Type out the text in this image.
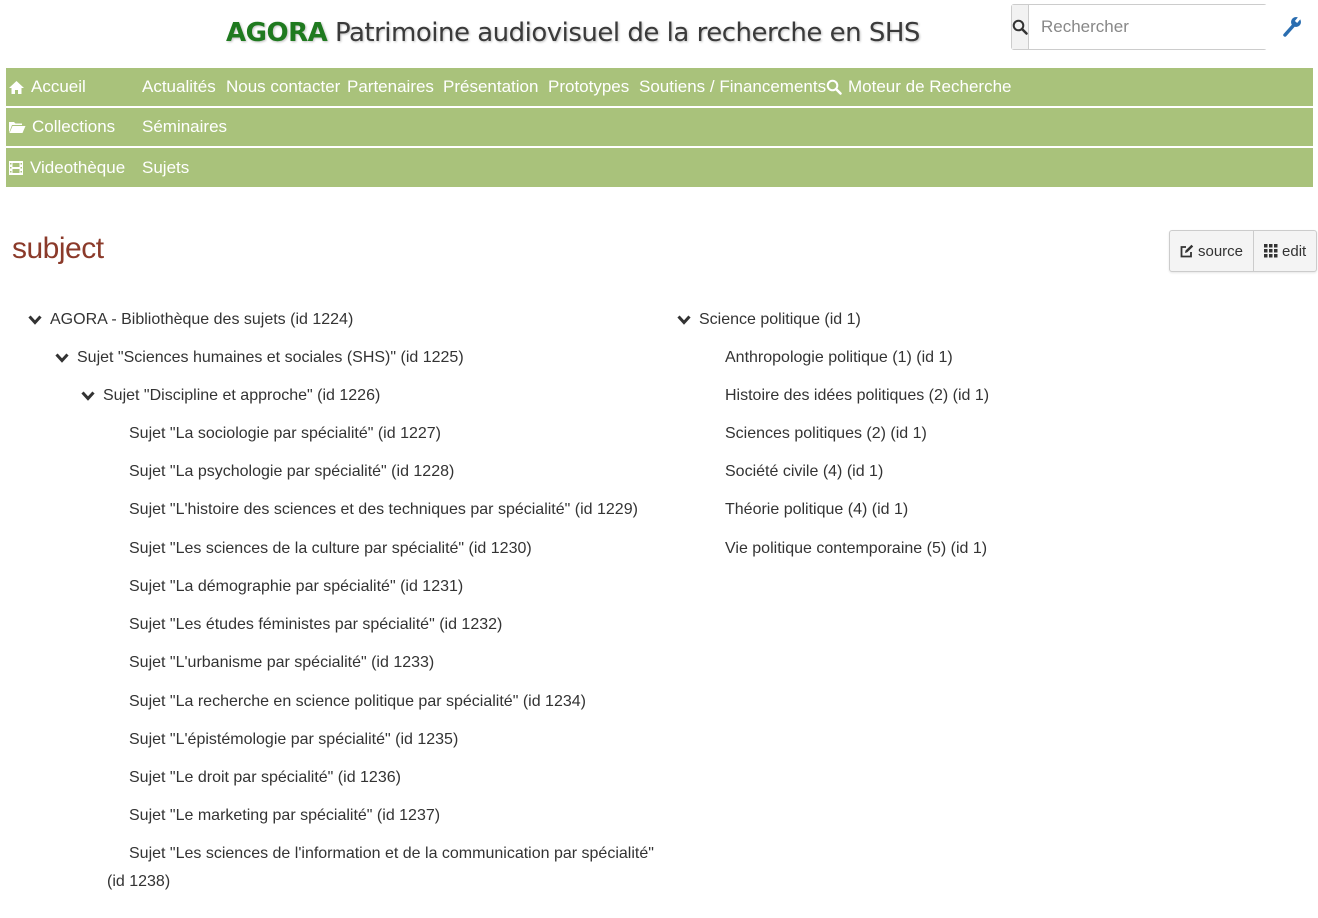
AGORA Patrimoine audiovisuel de la recherche en SHS
Rechercher
Accueil	Actualités Nous contacter Partenaires Présentation Prototypes Soutiens / Financements Moteur de Recherche
Collections Séminaires
Videothèque Sujets
subject	source	edit
AGORA - Bibliothèque des sujets (id 1224)
Sujet "Sciences humaines et sociales (SHS)" (id 1225)
Sujet "Discipline et approche" (id 1226)
Sujet "La sociologie par spécialité" (id 1227)
Sujet "La psychologie par spécialité" (id 1228)
Sujet "L'histoire des sciences et des techniques par spécialité" (id 1229)
Sujet "Les sciences de la culture par spécialité" (id 1230)
Sujet "La démographie par spécialité" (id 1231)
Sujet "Les études féministes par spécialité" (id 1232)
Sujet "L'urbanisme par spécialité" (id 1233)
Sujet "La recherche en science politique par spécialité" (id 1234)
Sujet "L'épistémologie par spécialité" (id 1235)
Sujet "Le droit par spécialité" (id 1236)
Sujet "Le marketing par spécialité" (id 1237)
Sujet "Les sciences de l'information et de la communication par spécialité"
(id 1238)
Science politique (id 1)
Anthropologie politique (1) (id 1)
Histoire des idées politiques (2) (id 1)
Sciences politiques (2) (id 1)
Société civile (4) (id 1)
Théorie politique (4) (id 1)
Vie politique contemporaine (5) (id 1)
